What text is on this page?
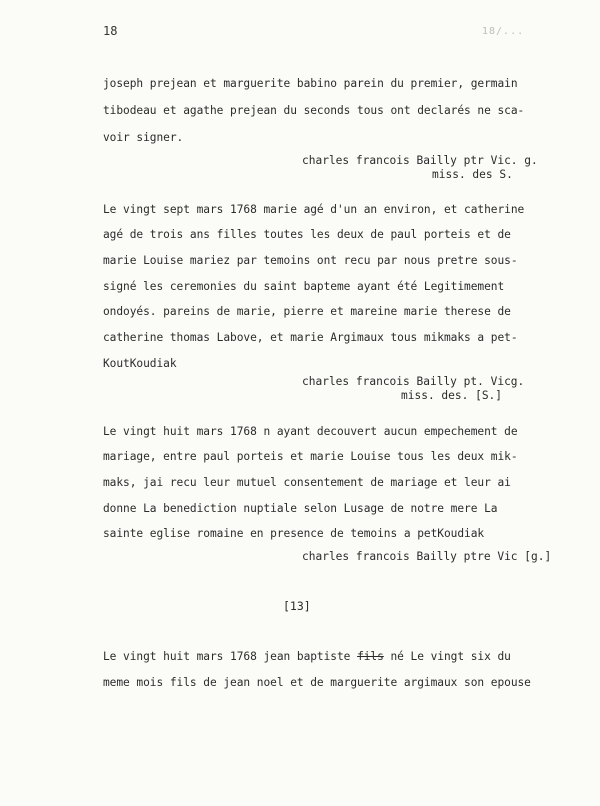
18	18/...
joseph prejean et marguerite babino parein du premier, germain
tibodeau et agathe prejean du seconds tous ont declarés ne sca-
voir signer.
charles francois Bailly ptr Vic. g.
miss. des S.
Le vingt sept mars 1768 marie agé d'un an environ, et catherine
agé de trois ans filles toutes les deux de paul porteis et de
marie Louise mariez par temoins ont recu par nous pretre sous-
signé les ceremonies du saint bapteme ayant été Legitimement
ondoyés. pareins de marie, pierre et mareine marie therese de
catherine thomas Labove, et marie Argimaux tous mikmaks a pet-
KoutKoudiak
charles francois Bailly pt. Vicg.
miss. des. [S.]
Le vingt huit mars 1768 n ayant decouvert aucun empechement de
mariage, entre paul porteis et marie Louise tous les deux mik-
maks, jai recu leur mutuel consentement de mariage et leur ai
donne La benediction nuptiale selon Lusage de notre mere La
sainte eglise romaine en presence de temoins a petKoudiak
charles francois Bailly ptre Vic [g.]
[13]
Le vingt huit mars 1768 jean baptiste fils né Le vingt six du
meme mois fils de jean noel et de marguerite argimaux son epouse
